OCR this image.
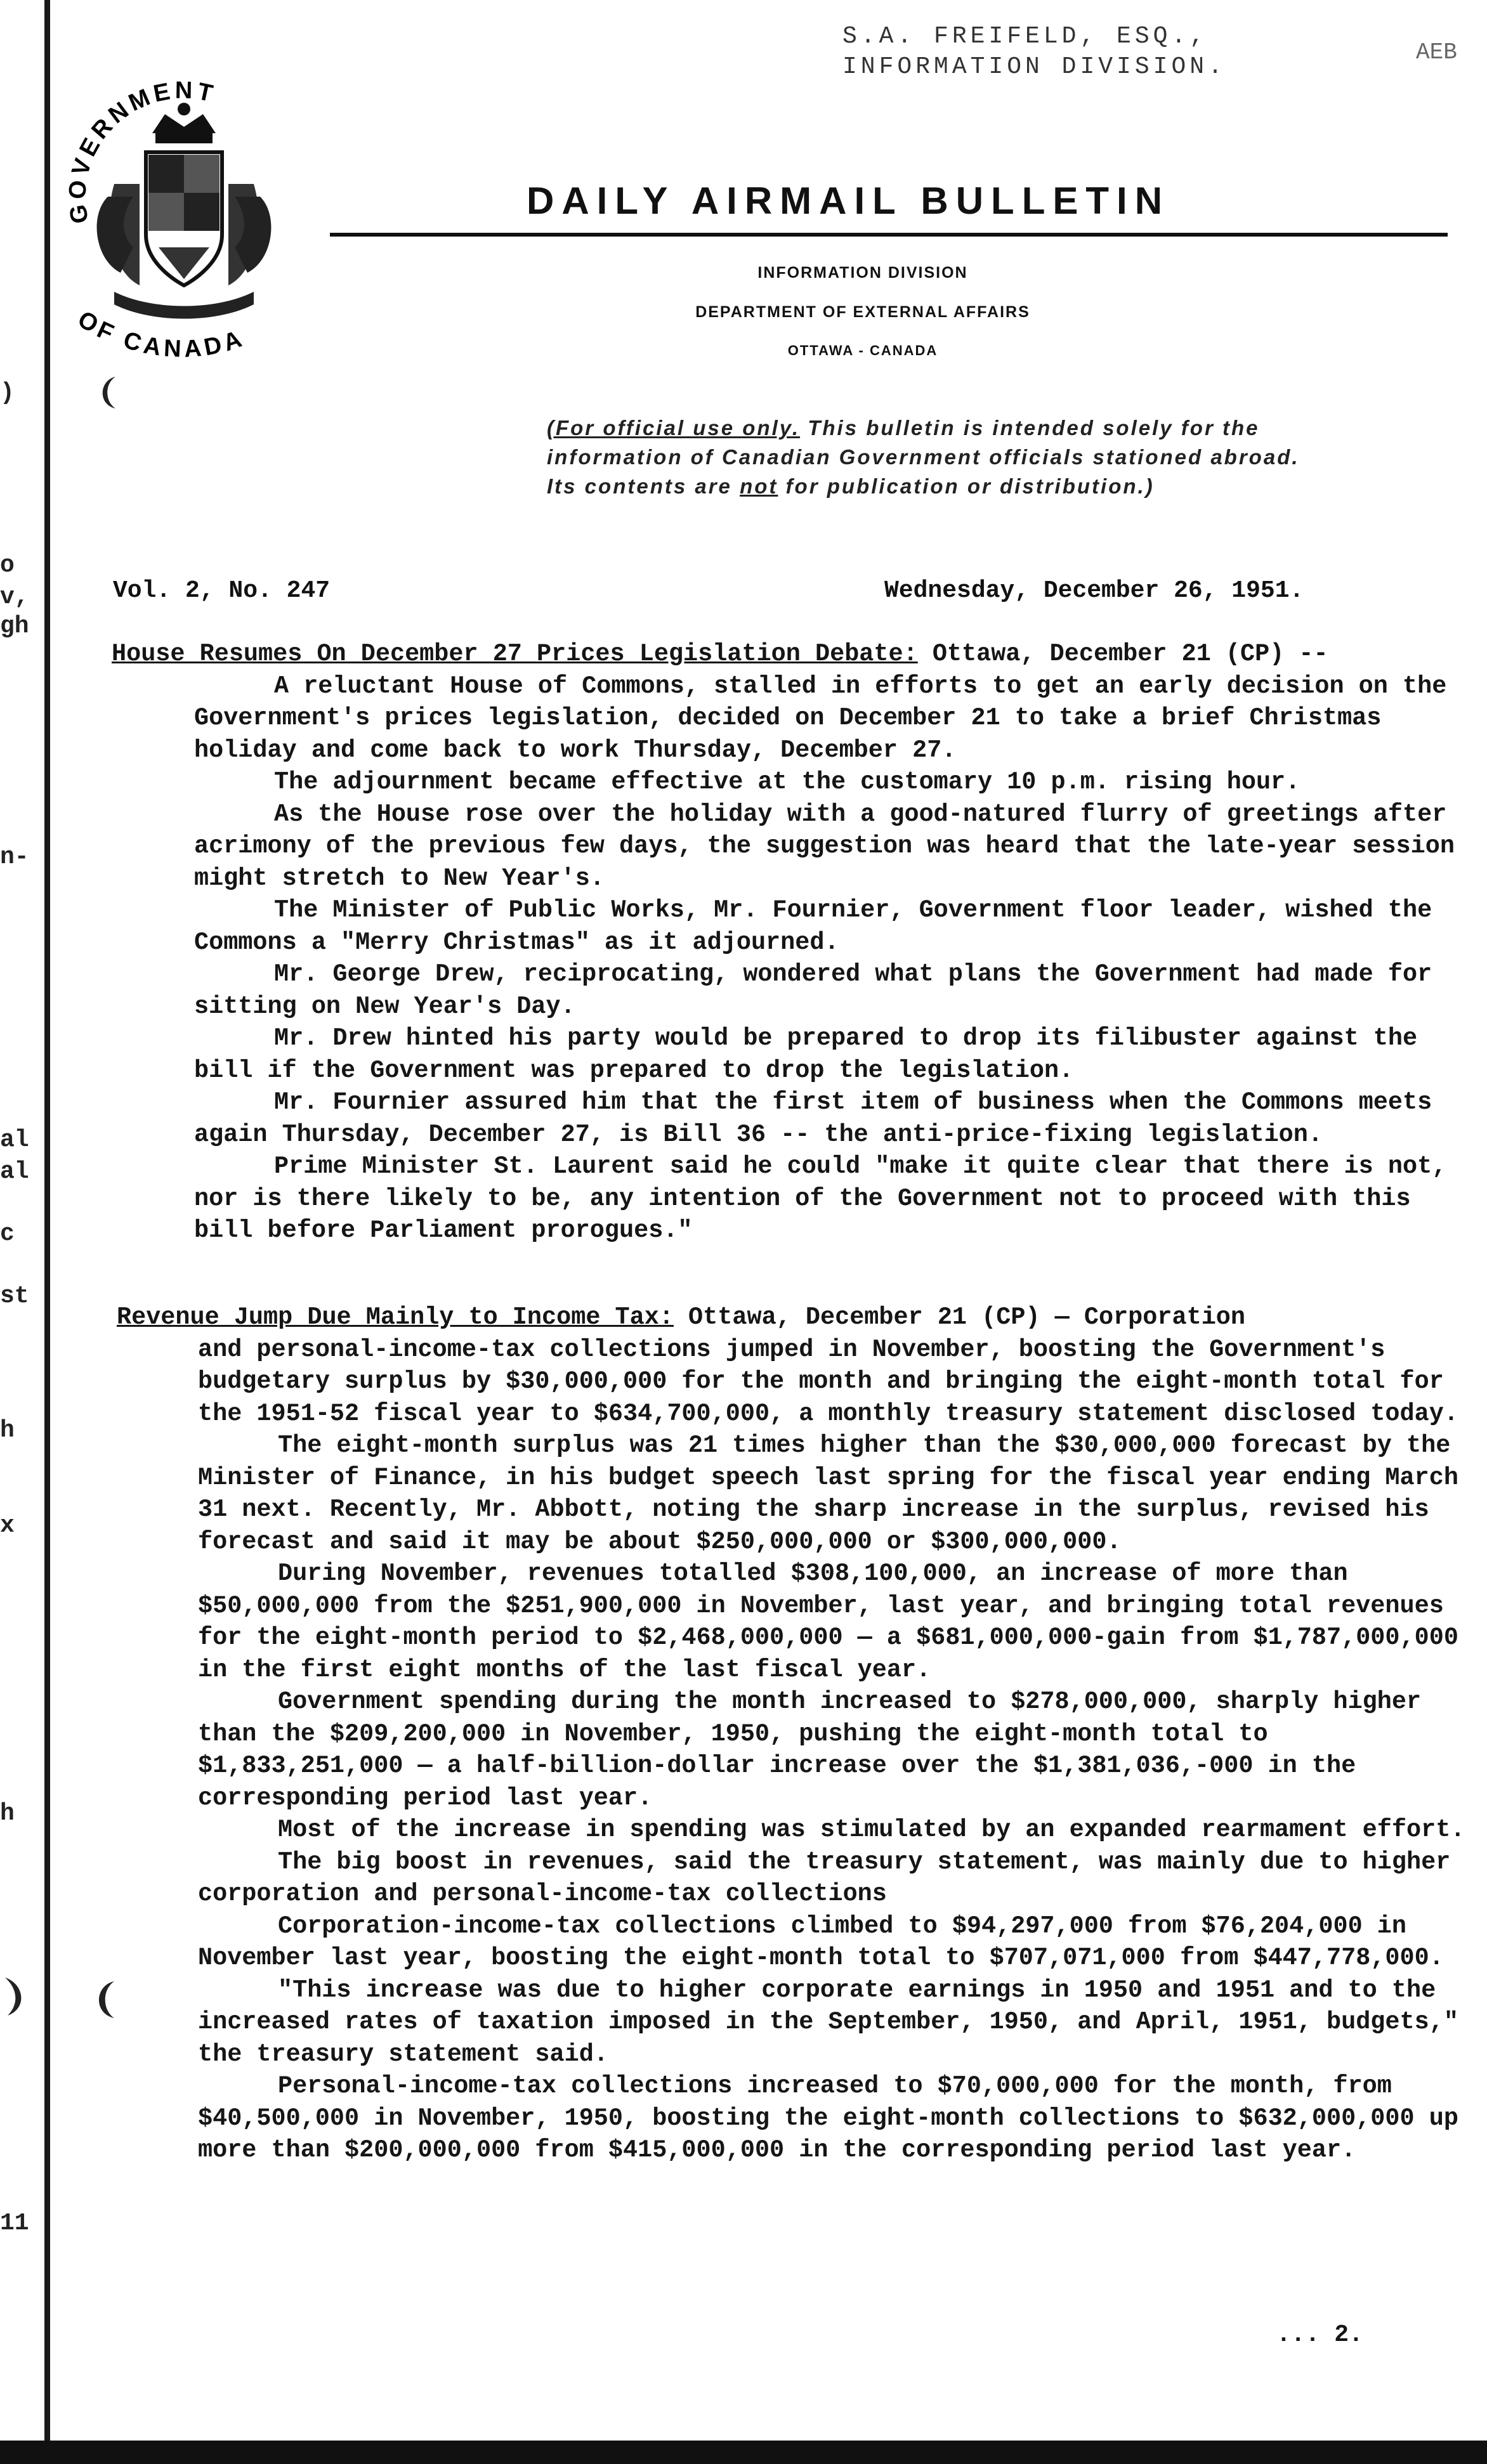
)
o
v,
gh
n-
al
al
c
st
h
x
h
11
S.A. FREIFELD, ESQ.,
INFORMATION DIVISION.
AEB
GOVERNMENT
OF CANADA
DAILY AIRMAIL BULLETIN
INFORMATION DIVISION
DEPARTMENT OF EXTERNAL AFFAIRS
OTTAWA - CANADA
(For official use only. This bulletin is intended solely for the information of Canadian Government officials stationed abroad. Its contents are not for publication or distribution.)
Vol. 2, No. 247	Wednesday, December 26, 1951.

House Resumes On December 27 Prices Legislation Debate: Ottawa, December 21 (CP) --

A reluctant House of Commons, stalled in efforts to get an early decision on the Government's prices legislation, decided on December 21 to take a brief Christmas holiday and come back to work Thursday, December 27.

The adjournment became effective at the customary 10 p.m. rising hour.

As the House rose over the holiday with a good-natured flurry of greetings after acrimony of the previous few days, the suggestion was heard that the late-year session might stretch to New Year's.

The Minister of Public Works, Mr. Fournier, Government floor leader, wished the Commons a "Merry Christmas" as it adjourned.

Mr. George Drew, reciprocating, wondered what plans the Government had made for sitting on New Year's Day.

Mr. Drew hinted his party would be prepared to drop its filibuster against the bill if the Government was prepared to drop the legislation.

Mr. Fournier assured him that the first item of business when the Commons meets again Thursday, December 27, is Bill 36 -- the anti-price-fixing legislation.

Prime Minister St. Laurent said he could "make it quite clear that there is not, nor is there likely to be, any intention of the Government not to proceed with this bill before Parliament prorogues."

Revenue Jump Due Mainly to Income Tax: Ottawa, December 21 (CP) — Corporation

and personal-income-tax collections jumped in November, boosting the Government's budgetary surplus by $30,000,000 for the month and bringing the eight-month total for the 1951-52 fiscal year to $634,700,000, a monthly treasury statement disclosed today.

The eight-month surplus was 21 times higher than the $30,000,000 forecast by the Minister of Finance, in his budget speech last spring for the fiscal year ending March 31 next. Recently, Mr. Abbott, noting the sharp increase in the surplus, revised his forecast and said it may be about $250,000,000 or $300,000,000.

During November, revenues totalled $308,100,000, an increase of more than $50,000,000 from the $251,900,000 in November, last year, and bringing total revenues for the eight-month period to $2,468,000,000 — a $681,000,000-gain from $1,787,000,000 in the first eight months of the last fiscal year.

Government spending during the month increased to $278,000,000, sharply higher than the $209,200,000 in November, 1950, pushing the eight-month total to $1,833,251,000 — a half-billion-dollar increase over the $1,381,036,-000 in the corresponding period last year.

Most of the increase in spending was stimulated by an expanded rearmament effort.

The big boost in revenues, said the treasury statement, was mainly due to higher corporation and personal-income-tax collections

Corporation-income-tax collections climbed to $94,297,000 from $76,204,000 in November last year, boosting the eight-month total to $707,071,000 from $447,778,000.

"This increase was due to higher corporate earnings in 1950 and 1951 and to the increased rates of taxation imposed in the September, 1950, and April, 1951, budgets," the treasury statement said.

Personal-income-tax collections increased to $70,000,000 for the month, from $40,500,000 in November, 1950, boosting the eight-month collections to $632,000,000 up more than $200,000,000 from $415,000,000 in the corresponding period last year.

... 2.
